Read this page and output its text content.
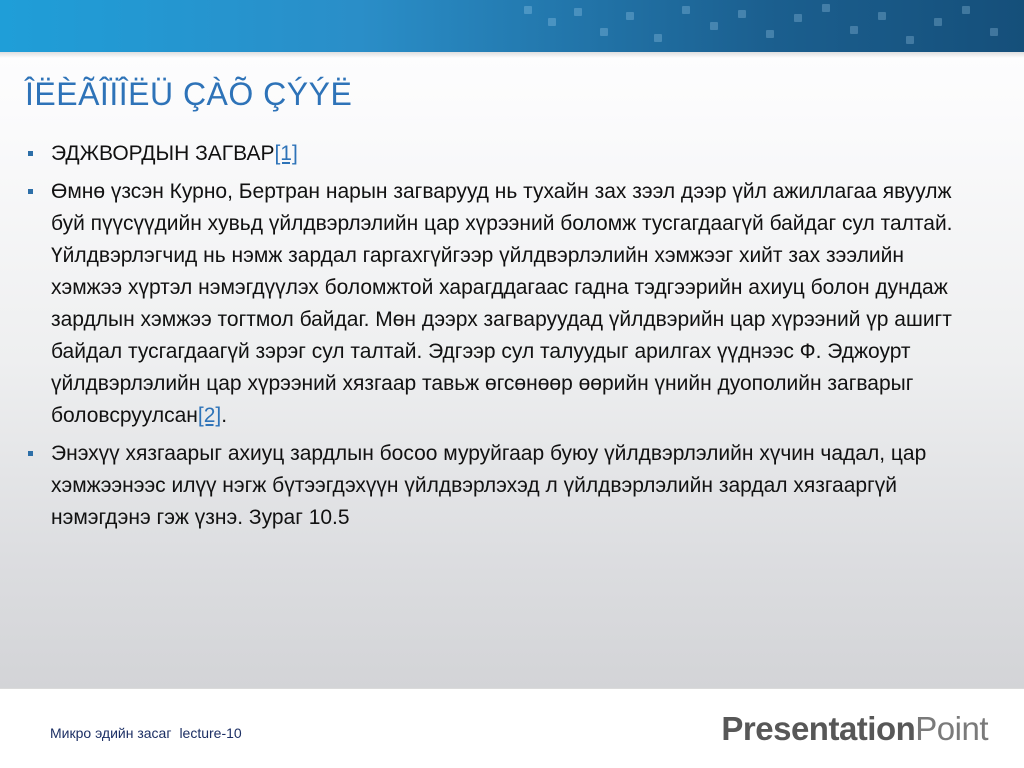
ÎËÈÃÎÏÎËÜ ÇÀÕ ÇÝÝË
ЭДЖВОРДЫН ЗАГВАР[1]
Өмнө үзсэн Курно, Бертран нарын загварууд нь тухайн зах зээл дээр үйл ажиллагаа явуулж буй пүүсүүдийн хувьд үйлдвэрлэлийн цар хүрээний боломж тусгагдаагүй байдаг сул талтай. Үйлдвэрлэгчид нь нэмж зардал гаргахгүйгээр үйлдвэрлэлийн хэмжээг хийт зах зээлийн хэмжээ хүртэл нэмэгдүүлэх боломжтой харагддагаас гадна тэдгээрийн ахиуц болон дундаж зардлын хэмжээ тогтмол байдаг. Мөн дээрх загваруудад үйлдвэрийн цар хүрээний үр ашигт байдал тусгагдаагүй зэрэг сул талтай. Эдгээр сул талуудыг арилгах үүднээс Ф. Эджоурт үйлдвэрлэлийн цар хүрээний хязгаар тавьж өгсөнөөр өөрийн үнийн дуополийн загварыг боловсруулсан[2].
Энэхүү хязгаарыг ахиуц зардлын босоо муруйгаар буюу үйлдвэрлэлийн хүчин чадал, цар хэмжээнээс илүү нэгж бүтээгдэхүүн үйлдвэрлэхэд л үйлдвэрлэлийн зардал хязгааргүй нэмэгдэнэ гэж үзнэ. Зураг 10.5
Микро эдийн засаг lecture-10	PresentationPoint
